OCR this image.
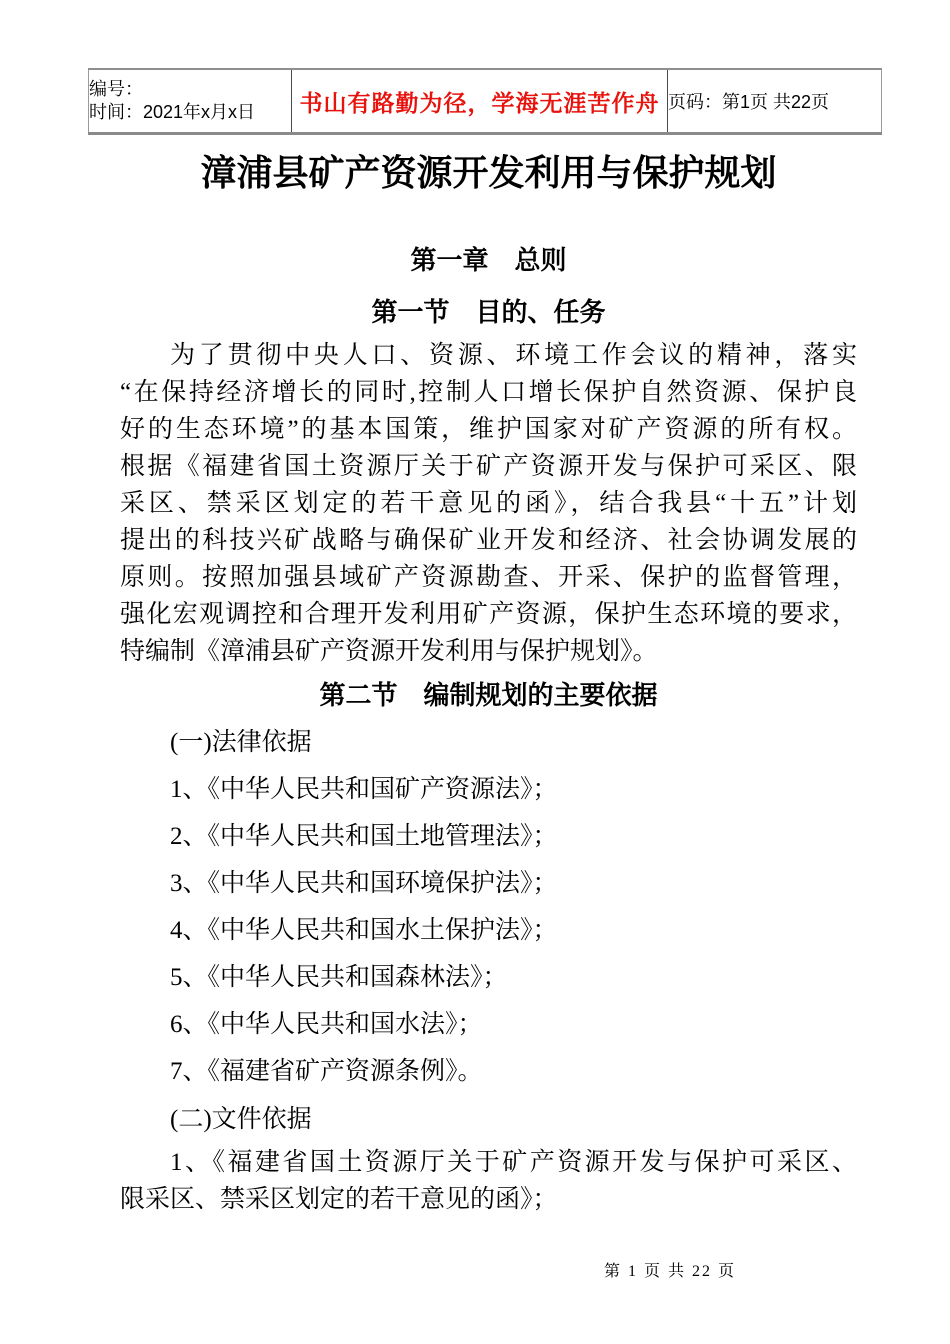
编号：
时间：2021年x月x日	书山有路勤为径，学海无涯苦作舟	页码：第1页 共22页
漳浦县矿产资源开发利用与保护规划
第一章　总则
第一节　目的、任务
为了贯彻中央人口、资源、环境工作会议的精神，落实
“在保持经济增长的同时,控制人口增长保护自然资源、保护良
好的生态环境”的基本国策，维护国家对矿产资源的所有权。
根据《福建省国土资源厅关于矿产资源开发与保护可采区、限
采区、禁采区划定的若干意见的函》，结合我县“十五”计划
提出的科技兴矿战略与确保矿业开发和经济、社会协调发展的
原则。按照加强县域矿产资源勘查、开采、保护的监督管理，
强化宏观调控和合理开发利用矿产资源，保护生态环境的要求，
特编制《漳浦县矿产资源开发利用与保护规划》。
第二节　编制规划的主要依据
(一)法律依据
1、《中华人民共和国矿产资源法》；
2、《中华人民共和国土地管理法》；
3、《中华人民共和国环境保护法》；
4、《中华人民共和国水土保护法》；
5、《中华人民共和国森林法》；
6、《中华人民共和国水法》；
7、《福建省矿产资源条例》。
(二)文件依据
1、《福建省国土资源厅关于矿产资源开发与保护可采区、
限采区、禁采区划定的若干意见的函》；
第 1 页 共 22 页
